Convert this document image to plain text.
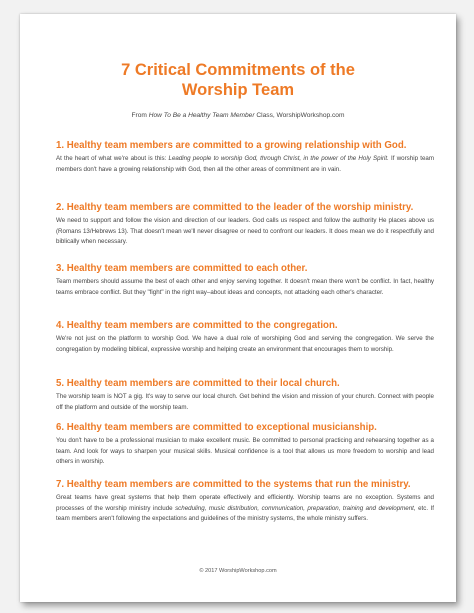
7 Critical Commitments of the
Worship Team
From How To Be a Healthy Team Member Class, WorshipWorkshop.com
1. Healthy team members are committed to a growing relationship with God.

At the heart of what we're about is this: Leading people to worship God, through Christ, in the power of the Holy Spirit. If worship team members don't have a growing relationship with God, then all the other areas of commitment are in vain.

2. Healthy team members are committed to the leader of the worship ministry.

We need to support and follow the vision and direction of our leaders. God calls us respect and follow the authority He places above us (Romans 13/Hebrews 13). That doesn't mean we'll never disagree or need to confront our leaders. It does mean we do it respectfully and biblically when necessary.

3. Healthy team members are committed to each other.

Team members should assume the best of each other and enjoy serving together. It doesn't mean there won't be conflict. In fact, healthy teams embrace conflict. But they "fight" in the right way–about ideas and concepts, not attacking each other's character.

4. Healthy team members are committed to the congregation.

We're not just on the platform to worship God. We have a dual role of worshiping God and serving the congregation. We serve the congregation by modeling biblical, expressive worship and helping create an environment that encourages them to worship.

5. Healthy team members are committed to their local church.

The worship team is NOT a gig. It's way to serve our local church. Get behind the vision and mission of your church. Connect with people off the platform and outside of the worship team.

6. Healthy team members are committed to exceptional musicianship.

You don't have to be a professional musician to make excellent music. Be committed to personal practicing and rehearsing together as a team. And look for ways to sharpen your musical skills. Musical confidence is a tool that allows us more freedom to worship and lead others in worship.

7. Healthy team members are committed to the systems that run the ministry.

Great teams have great systems that help them operate effectively and efficiently. Worship teams are no exception. Systems and processes of the worship ministry include scheduling, music distribution, communication, preparation, training and development, etc. If team members aren't following the expectations and guidelines of the ministry systems, the whole ministry suffers.

© 2017 WorshipWorkshop.com
